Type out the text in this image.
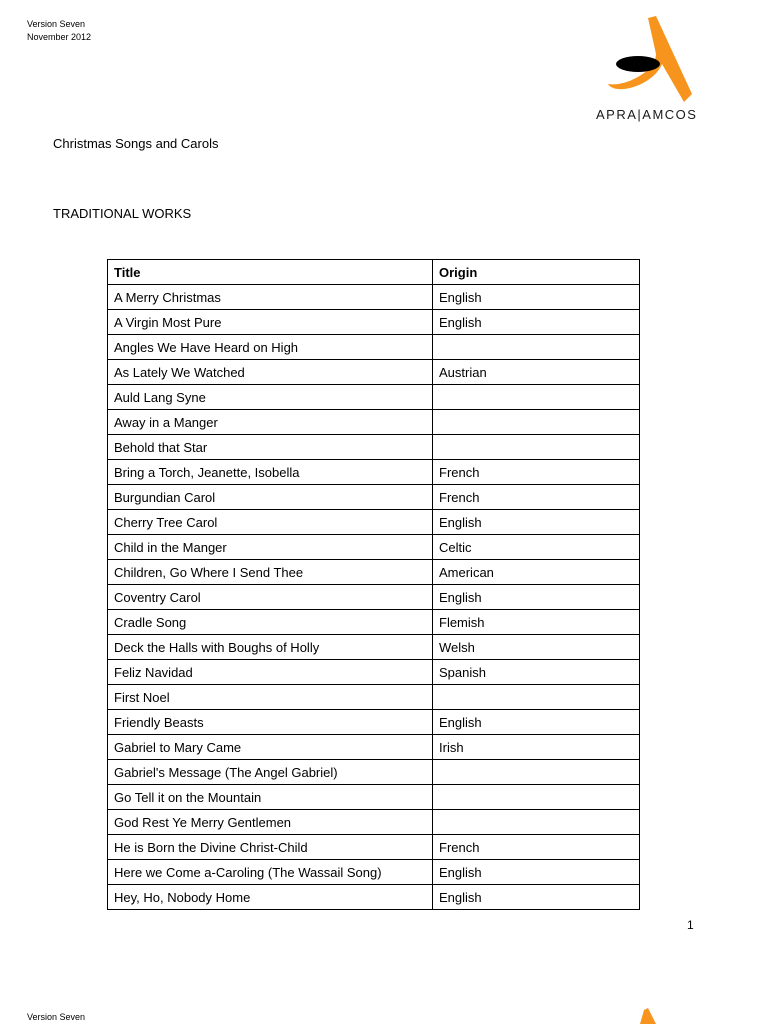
Version Seven
November 2012
APRA|AMCOS
Christmas Songs and Carols
TRADITIONAL WORKS
Title	Origin
A Merry Christmas	English
A Virgin Most Pure	English
Angles We Have Heard on High	
As Lately We Watched	Austrian
Auld Lang Syne	
Away in a Manger	
Behold that Star	
Bring a Torch, Jeanette, Isobella	French
Burgundian Carol	French
Cherry Tree Carol	English
Child in the Manger	Celtic
Children, Go Where I Send Thee	American
Coventry Carol	English
Cradle Song	Flemish
Deck the Halls with Boughs of Holly	Welsh
Feliz Navidad	Spanish
First Noel	
Friendly Beasts	English
Gabriel to Mary Came	Irish
Gabriel's Message (The Angel Gabriel)	
Go Tell it on the Mountain	
God Rest Ye Merry Gentlemen	
He is Born the Divine Christ-Child	French
Here we Come a-Caroling (The Wassail Song)	English
Hey, Ho, Nobody Home	English
1
Version Seven
